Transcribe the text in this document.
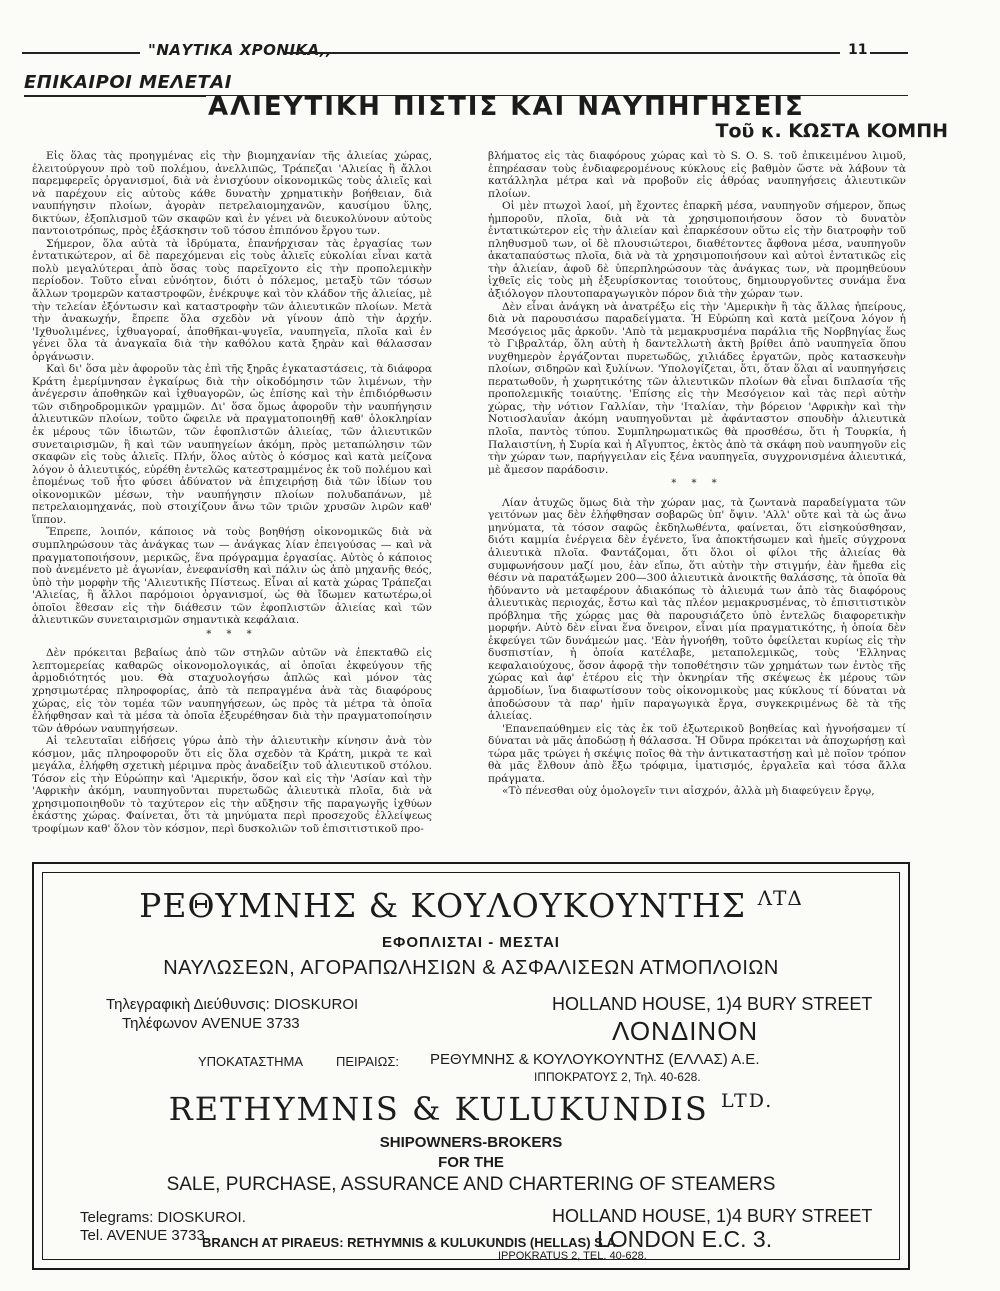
"ΝΑΥΤΙΚΑ ΧΡΟΝΙΚΑ,,	11
ΕΠΙΚΑΙΡΟΙ ΜΕΛΕΤΑΙ
ΑΛΙΕΥΤΙΚΗ ΠΙΣΤΙΣ ΚΑΙ ΝΑΥΠΗΓΗΣΕΙΣ
Τοῦ κ. ΚΩΣΤΑ ΚΟΜΠΗ

Εἰς ὅλας τὰς προηγμένας εἰς τὴν βιομηχανίαν τῆς ἁλιείας χώρας, ἐλειτούργουν πρὸ τοῦ πολέμου, ἀνελλιπῶς, Τράπεζαι 'Αλιείας ἢ ἄλλοι παρεμφερεῖς ὀργανισμοί, διὰ νὰ ἐνισχύουν οἰκονομικῶς τοὺς ἁλιεῖς καὶ νὰ παρέχουν εἰς αὐτοὺς κάθε δυνατὴν χρηματικὴν βοήθειαν, διὰ ναυπήγησιν πλοίων, ἀγορὰν πετρελαιομηχανῶν, καυσίμου ὕλης, δικτύων, ἐξοπλισμοῦ τῶν σκαφῶν καὶ ἐν γένει νὰ διευκολύνουν αὐτοὺς παντοιοτρόπως, πρὸς ἐξάσκησιν τοῦ τόσου ἐπιπόνου ἔργου των.

Σήμερον, ὅλα αὐτὰ τὰ ἱδρύματα, ἐπανήρχισαν τὰς ἐργασίας των ἐντατικώτερον, αἱ δὲ παρεχόμεναι εἰς τοὺς ἁλιεῖς εὐκολίαι εἶναι κατὰ πολὺ μεγαλύτεραι ἀπὸ ὅσας τοὺς παρεῖχοντο εἰς τὴν προπολεμικὴν περίοδον. Τοῦτο εἶναι εὐνόητον, διότι ὁ πόλεμος, μεταξὺ τῶν τόσων ἄλλων τρομερῶν καταστροφῶν, ἐνέκρυψε καὶ τὸν κλάδον τῆς ἁλιείας, μὲ τὴν τελείαν ἐξόντωσιν καὶ καταστροφὴν τῶν ἁλιευτικῶν πλοίων. Μετὰ τὴν ἀνακωχήν, ἔπρεπε ὅλα σχεδὸν νὰ γίνουν ἀπὸ τὴν ἀρχήν. 'Ιχθυολιμένες, ἰχθυαγοραί, ἀποθῆκαι-ψυγεῖα, ναυπηγεῖα, πλοῖα καὶ ἐν γένει ὅλα τὰ ἀναγκαῖα διὰ τὴν καθόλου κατὰ ξηρὰν καὶ θάλασσαν ὀργάνωσιν.

Καὶ δι' ὅσα μὲν ἀφοροῦν τὰς ἐπὶ τῆς ξηρᾶς ἐγκαταστάσεις, τὰ διάφορα Κράτη ἐμερίμνησαν ἐγκαίρως διὰ τὴν οἰκοδόμησιν τῶν λιμένων, τὴν ἀνέγερσιν ἀποθηκῶν καὶ ἰχθυαγορῶν, ὡς ἐπίσης καὶ τὴν ἐπιδιόρθωσιν τῶν σιδηροδρομικῶν γραμμῶν. Δι' ὅσα ὅμως ἀφοροῦν τὴν ναυπήγησιν ἁλιευτικῶν πλοίων, τοῦτο ὤφειλε νὰ πραγματοποιηθῇ καθ' ὁλοκληρίαν ἐκ μέρους τῶν ἰδιωτῶν, τῶν ἐφοπλιστῶν ἁλιείας, τῶν ἁλιευτικῶν συνεταιρισμῶν, ἢ καὶ τῶν ναυπηγείων ἀκόμη, πρὸς μεταπώλησιν τῶν σκαφῶν εἰς τοὺς ἁλιεῖς. Πλήν, ὅλος αὐτὸς ὁ κόσμος καὶ κατὰ μείζονα λόγον ὁ ἁλιευτικός, εὑρέθη ἐντελῶς κατεστραμμένος ἐκ τοῦ πολέμου καὶ ἑπομένως τοῦ ἦτο φύσει ἀδύνατον νὰ ἐπιχειρήσῃ διὰ τῶν ἰδίων του οἰκονομικῶν μέσων, τὴν ναυπήγησιν πλοίων πολυδαπάνων, μὲ πετρελαιομηχανάς, ποὺ στοιχίζουν ἄνω τῶν τριῶν χρυσῶν λιρῶν καθ' ἵππον.

Ἔπρεπε, λοιπόν, κάποιος νὰ τοὺς βοηθήσῃ οἰκονομικῶς διὰ νὰ συμπληρώσουν τὰς ἀνάγκας των — ἀνάγκας λίαν ἐπειγούσας — καὶ νὰ πραγματοποιήσουν, μερικῶς, ἕνα πρόγραμμα ἐργασίας. Αὐτὸς ὁ κάποιος ποὺ ἀνεμένετο μὲ ἀγωνίαν, ἐνεφανίσθη καὶ πάλιν ὡς ἀπὸ μηχανῆς θεός, ὑπὸ τὴν μορφὴν τῆς 'Αλιευτικῆς Πίστεως. Εἶναι αἱ κατὰ χώρας Τράπεζαι 'Αλιείας, ἢ ἄλλοι παρόμοιοι ὀργανισμοί, ὡς θὰ ἴδωμεν κατωτέρω,οἱ ὁποῖοι ἔθεσαν εἰς τὴν διάθεσιν τῶν ἐφοπλιστῶν ἁλιείας καὶ τῶν ἁλιευτικῶν συνεταιρισμῶν σημαντικὰ κεφάλαια.

* * *

Δὲν πρόκειται βεβαίως ἀπὸ τῶν στηλῶν αὐτῶν νὰ ἐπεκταθῶ εἰς λεπτομερείας καθαρῶς οἰκονομολογικάς, αἱ ὁποῖαι ἐκφεύγουν τῆς ἁρμοδιότητός μου. Θὰ σταχυολογήσω ἁπλῶς καὶ μόνον τὰς χρησιμωτέρας πληροφορίας, ἀπὸ τὰ πεπραγμένα ἀνὰ τὰς διαφόρους χώρας, εἰς τὸν τομέα τῶν ναυπηγήσεων, ὡς πρὸς τὰ μέτρα τὰ ὁποῖα ἐλήφθησαν καὶ τὰ μέσα τὰ ὁποῖα ἐξευρέθησαν διὰ τὴν πραγματοποίησιν τῶν ἀθρόων ναυπηγήσεων.

Αἱ τελευταῖαι εἰδήσεις γύρω ἀπὸ τὴν ἁλιευτικὴν κίνησιν ἀνὰ τὸν κόσμον, μᾶς πληροφοροῦν ὅτι εἰς ὅλα σχεδὸν τὰ Κράτη, μικρὰ τε καὶ μεγάλα, ἐλήφθη σχετικὴ μέριμνα πρὸς ἀναδείξιν τοῦ ἁλιευτικοῦ στόλου. Τόσον εἰς τὴν Εὐρώπην καὶ 'Αμερικήν, ὅσον καὶ εἰς τὴν 'Ασίαν καὶ τὴν 'Αφρικὴν ἀκόμη, ναυπηγοῦνται πυρετωδῶς ἁλιευτικὰ πλοῖα, διὰ νὰ χρησιμοποιηθοῦν τὸ ταχύτερον εἰς τὴν αὔξησιν τῆς παραγωγῆς ἰχθύων ἑκάστης χώρας. Φαίνεται, ὅτι τὰ μηνύματα περὶ προσεχοῦς ἐλλείψεως τροφίμων καθ' ὅλον τὸν κόσμον, περὶ δυσκολιῶν τοῦ ἐπισιτιστικοῦ προ-

βλήματος εἰς τὰς διαφόρους χώρας καὶ τὸ S. Ο. S. τοῦ ἐπικειμένου λιμοῦ, ἐπηρέασαν τοὺς ἐνδιαφερομένους κύκλους εἰς βαθμὸν ὥστε νὰ λάβουν τὰ κατάλληλα μέτρα καὶ νὰ προβοῦν εἰς ἀθρόας ναυπηγήσεις ἁλιευτικῶν πλοίων.

Οἱ μὲν πτωχοὶ λαοί, μὴ ἔχοντες ἐπαρκῆ μέσα, ναυπηγοῦν σήμερον, ὅπως ἠμποροῦν, πλοῖα, διὰ νὰ τὰ χρησιμοποιήσουν ὅσον τὸ δυνατὸν ἐντατικώτερον εἰς τὴν ἁλιείαν καὶ ἐπαρκέσουν οὕτω εἰς τὴν διατροφὴν τοῦ πληθυσμοῦ των, οἱ δὲ πλουσιώτεροι, διαθέτοντες ἄφθονα μέσα, ναυπηγοῦν ἀκαταπαύστως πλοῖα, διὰ νὰ τὰ χρησιμοποιήσουν καὶ αὐτοὶ ἐντατικῶς εἰς τὴν ἁλιείαν, ἀφοῦ δὲ ὑπερπληρώσουν τὰς ἀνάγκας των, νὰ προμηθεύουν ἰχθεῖς εἰς τοὺς μὴ ἐξευρίσκοντας τοιούτους, δημιουργοῦντες συνάμα ἕνα ἀξιόλογον πλουτοπαραγωγικὸν πόρον διὰ τὴν χώραν των.

Δὲν εἶναι ἀνάγκη νὰ ἀνατρέξω εἰς τὴν 'Αμερικὴν ἢ τὰς ἄλλας ἠπείρους, διὰ νὰ παρουσιάσω παραδείγματα. Ἡ Εὐρώπη καὶ κατὰ μείζονα λόγον ἡ Μεσόγειος μᾶς ἀρκοῦν. 'Απὸ τὰ μεμακρυσμένα παράλια τῆς Νορβηγίας ἕως τὸ Γιβραλτάρ, ὅλη αὐτὴ ἡ δαντελλωτὴ ἀκτὴ βρίθει ἀπὸ ναυπηγεῖα ὅπου νυχθημερὸν ἐργάζονται πυρετωδῶς, χιλιάδες ἐργατῶν, πρὸς κατασκευὴν πλοίων, σιδηρῶν καὶ ξυλίνων. 'Υπολογίζεται, ὅτι, ὅταν ὅλαι αἱ ναυπηγήσεις περατωθοῦν, ἡ χωρητικότης τῶν ἁλιευτικῶν πλοίων θὰ εἶναι διπλασία τῆς προπολεμικῆς τοιαύτης. 'Επίσης εἰς τὴν Μεσόγειον καὶ τὰς περὶ αὐτὴν χώρας, τὴν νότιον Γαλλίαν, τὴν 'Ιταλίαν, τὴν βόρειον 'Αφρικὴν καὶ τὴν Νοτιοσλαυΐαν ἀκόμη ναυπηγοῦνται μὲ ἀφάνταστον σπουδὴν ἁλιευτικὰ πλοῖα, παντὸς τύπου. Συμπληρωματικῶς θὰ προσθέσω, ὅτι ἡ Τουρκία, ἡ Παλαιστίνη, ἡ Συρία καὶ ἡ Αἴγυπτος, ἐκτὸς ἀπὸ τὰ σκάφη ποὺ ναυπηγοῦν εἰς τὴν χώραν των, παρήγγειλαν εἰς ξένα ναυπηγεῖα, συγχρονισμένα ἁλιευτικά, μὲ ἄμεσον παράδοσιν.

* * *

Λίαν ἀτυχῶς ὅμως διὰ τὴν χώραν μας, τὰ ζωντανὰ παραδείγματα τῶν γειτόνων μας δὲν ἐλήφθησαν σοβαρῶς ὑπ' ὄψιν. 'Αλλ' οὔτε καὶ τὰ ὡς ἄνω μηνύματα, τὰ τόσον σαφῶς ἐκδηλωθέντα, φαίνεται, ὅτι εἰσηκούσθησαν, διότι καμμία ἐνέργεια δὲν ἐγένετο, ἵνα ἀποκτήσωμεν καὶ ἡμεῖς σύγχρονα ἁλιευτικὰ πλοῖα. Φαντάζομαι, ὅτι ὅλοι οἱ φίλοι τῆς ἁλιείας θὰ συμφωνήσουν μαζί μου, ἐὰν εἴπω, ὅτι αὐτὴν τὴν στιγμήν, ἐὰν ἤμεθα εἰς θέσιν νὰ παρατάξωμεν 200—300 ἁλιευτικὰ ἀνοικτῆς θαλάσσης, τὰ ὁποῖα θὰ ἠδύναντο νὰ μεταφέρουν ἀδιακόπως τὸ ἁλιευμά των ἀπὸ τὰς διαφόρους ἁλιευτικὰς περιοχάς, ἔστω καὶ τὰς πλέον μεμακρυσμένας, τὸ ἐπισιτιστικὸν πρόβλημα τῆς χώρας μας θὰ παρουσιάζετο ὑπὸ ἐντελῶς διαφορετικὴν μορφήν. Αὐτὸ δὲν εἶναι ἕνα ὄνειρον, εἶναι μία πραγματικότης, ἡ ὁποία δὲν ἐκφεύγει τῶν δυνάμεών μας. 'Εὰν ἠγνοήθη, τοῦτο ὀφείλεται κυρίως εἰς τὴν δυσπιστίαν, ἡ ὁποία κατέλαβε, μεταπολεμικῶς, τοὺς 'Ελληνας κεφαλαιούχους, ὅσον ἀφορᾷ τὴν τοποθέτησιν τῶν χρημάτων των ἐντὸς τῆς χώρας καὶ ἀφ' ἑτέρου εἰς τὴν ὀκνηρίαν τῆς σκέψεως ἐκ μέρους τῶν ἁρμοδίων, ἵνα διαφωτίσουν τοὺς οἰκονομικοὺς μας κύκλους τί δύναται νὰ ἀποδώσουν τὰ παρ' ἡμῖν παραγωγικὰ ἔργα, συγκεκριμένως δὲ τὰ τῆς ἁλιείας.

'Επανεπαύθημεν εἰς τὰς ἐκ τοῦ ἐξωτερικοῦ βοηθείας καὶ ἠγνοήσαμεν τί δύναται νὰ μᾶς ἀποδώσῃ ἡ θάλασσα. Ἡ Οὔνρα πρόκειται νὰ ἀποχωρήσῃ καὶ τώρα μᾶς τρώγει ἡ σκέψις ποῖος θὰ τὴν ἀντικαταστήσῃ καὶ μὲ ποῖον τρόπον θὰ μᾶς ἔλθουν ἀπὸ ἔξω τρόφιμα, ἱματισμός, ἐργαλεῖα καὶ τόσα ἄλλα πράγματα.

«Τὸ πένεσθαι οὐχ ὁμολογεῖν τινι αἰσχρόν, ἀλλὰ μὴ διαφεύγειν ἔργῳ,

ΡΕΘΥΜΝΗΣ & ΚΟΥΛΟΥΚΟΥΝΤΗΣ $^{\Lambda T\Delta}$
ΕΦΟΠΛΙΣΤΑΙ - ΜΕΣΤΑΙ
ΝΑΥΛΩΣΕΩΝ, ΑΓΟΡΑΠΩΛΗΣΙΩΝ & ΑΣΦΑΛΙΣΕΩΝ ΑΤΜΟΠΛΟΙΩΝ
Τηλεγραφικὴ Διεύθυνσις: DIOSKUROI
Τηλέφωνον AVENUE 3733
HOLLAND HOUSE, 1)4 BURY STREET
ΛΟΝΔΙΝΟΝ
ΥΠΟΚΑΤΑΣΤΗΜΑ	ΠΕΙΡΑΙΩΣ: ΡΕΘΥΜΝΗΣ & ΚΟΥΛΟΥΚΟΥΝΤΗΣ (ΕΛΛΑΣ) Α.Ε.
ΙΠΠΟΚΡΑΤΟΥΣ 2, Τηλ. 40-628.
RETHYMNIS & KULUKUNDIS $^{LTD.}$
SHIPOWNERS-BROKERS
FOR THE
SALE, PURCHASE, ASSURANCE AND CHARTERING OF STEAMERS
Telegrams: DIOSKUROI.
Tel. AVENUE 3733.
HOLLAND HOUSE, 1)4 BURY STREET
LONDON E.C. 3.
BRANCH AT PIRAEUS: RETHYMNIS & KULUKUNDIS (HELLAS) S.A.
IPPOKRATUS 2, TEL. 40-628.
